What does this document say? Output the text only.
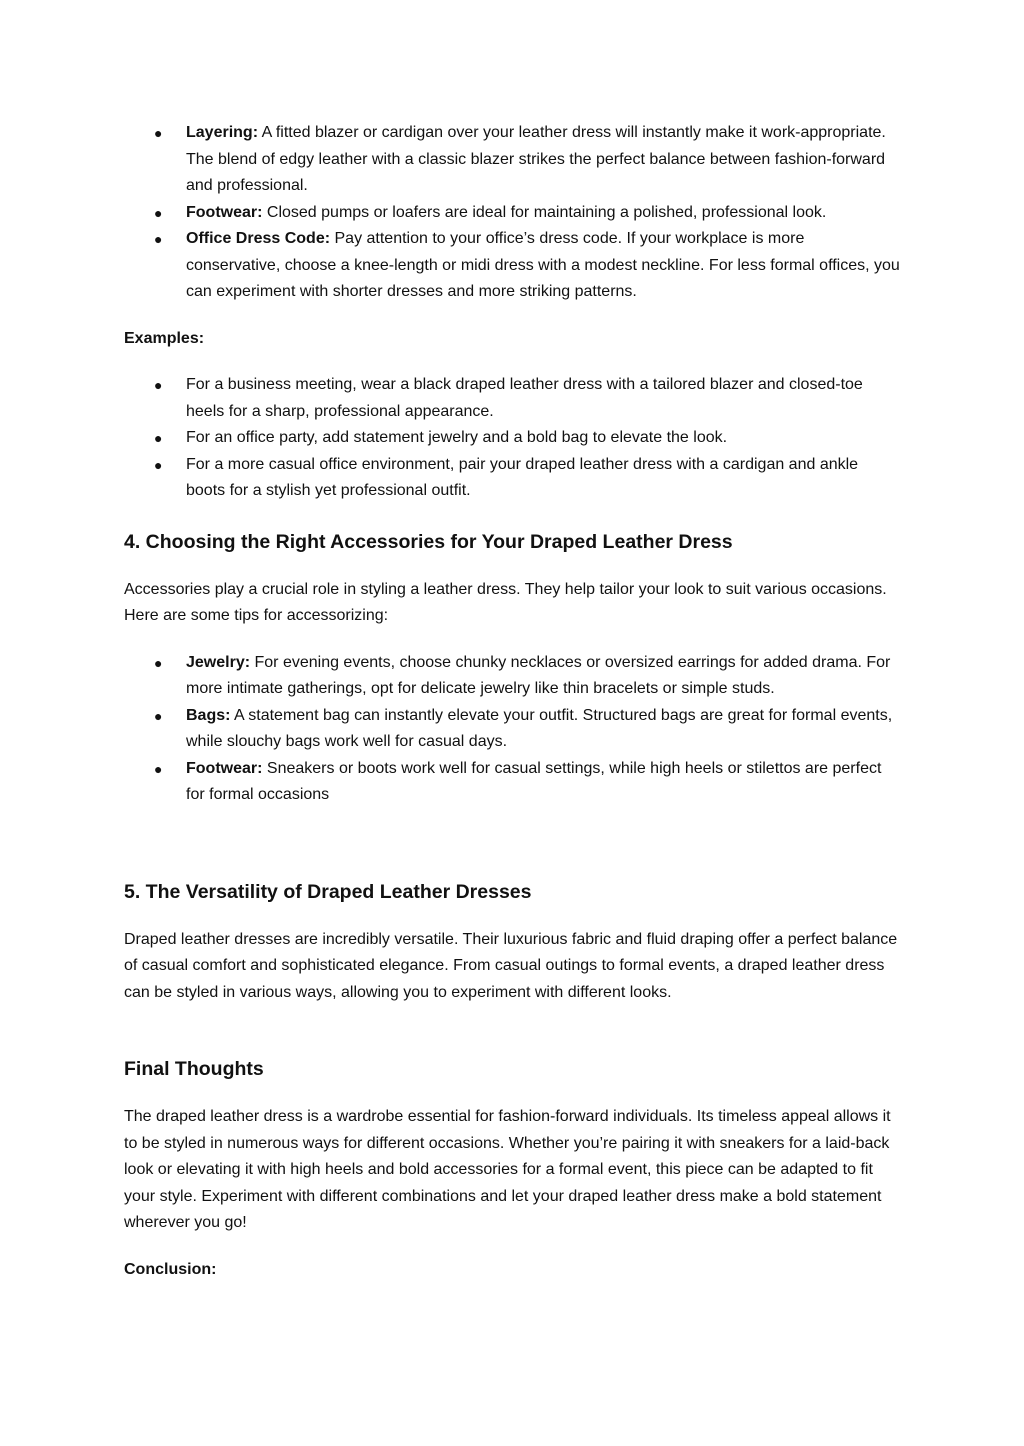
● Layering: A fitted blazer or cardigan over your leather dress will instantly make it work-appropriate. The blend of edgy leather with a classic blazer strikes the perfect balance between fashion-forward and professional.
● Footwear: Closed pumps or loafers are ideal for maintaining a polished, professional look.
● Office Dress Code: Pay attention to your office’s dress code. If your workplace is more conservative, choose a knee-length or midi dress with a modest neckline. For less formal offices, you can experiment with shorter dresses and more striking patterns.

Examples:

● For a business meeting, wear a black draped leather dress with a tailored blazer and closed-toe heels for a sharp, professional appearance.
● For an office party, add statement jewelry and a bold bag to elevate the look.
● For a more casual office environment, pair your draped leather dress with a cardigan and ankle boots for a stylish yet professional outfit.
4. Choosing the Right Accessories for Your Draped Leather Dress

Accessories play a crucial role in styling a leather dress. They help tailor your look to suit various occasions. Here are some tips for accessorizing:

● Jewelry: For evening events, choose chunky necklaces or oversized earrings for added drama. For more intimate gatherings, opt for delicate jewelry like thin bracelets or simple studs.
● Bags: A statement bag can instantly elevate your outfit. Structured bags are great for formal events, while slouchy bags work well for casual days.
● Footwear: Sneakers or boots work well for casual settings, while high heels or stilettos are perfect for formal occasions
5. The Versatility of Draped Leather Dresses

Draped leather dresses are incredibly versatile. Their luxurious fabric and fluid draping offer a perfect balance of casual comfort and sophisticated elegance. From casual outings to formal events, a draped leather dress can be styled in various ways, allowing you to experiment with different looks.

Final Thoughts

The draped leather dress is a wardrobe essential for fashion-forward individuals. Its timeless appeal allows it to be styled in numerous ways for different occasions. Whether you’re pairing it with sneakers for a laid-back look or elevating it with high heels and bold accessories for a formal event, this piece can be adapted to fit your style. Experiment with different combinations and let your draped leather dress make a bold statement wherever you go!

Conclusion:
